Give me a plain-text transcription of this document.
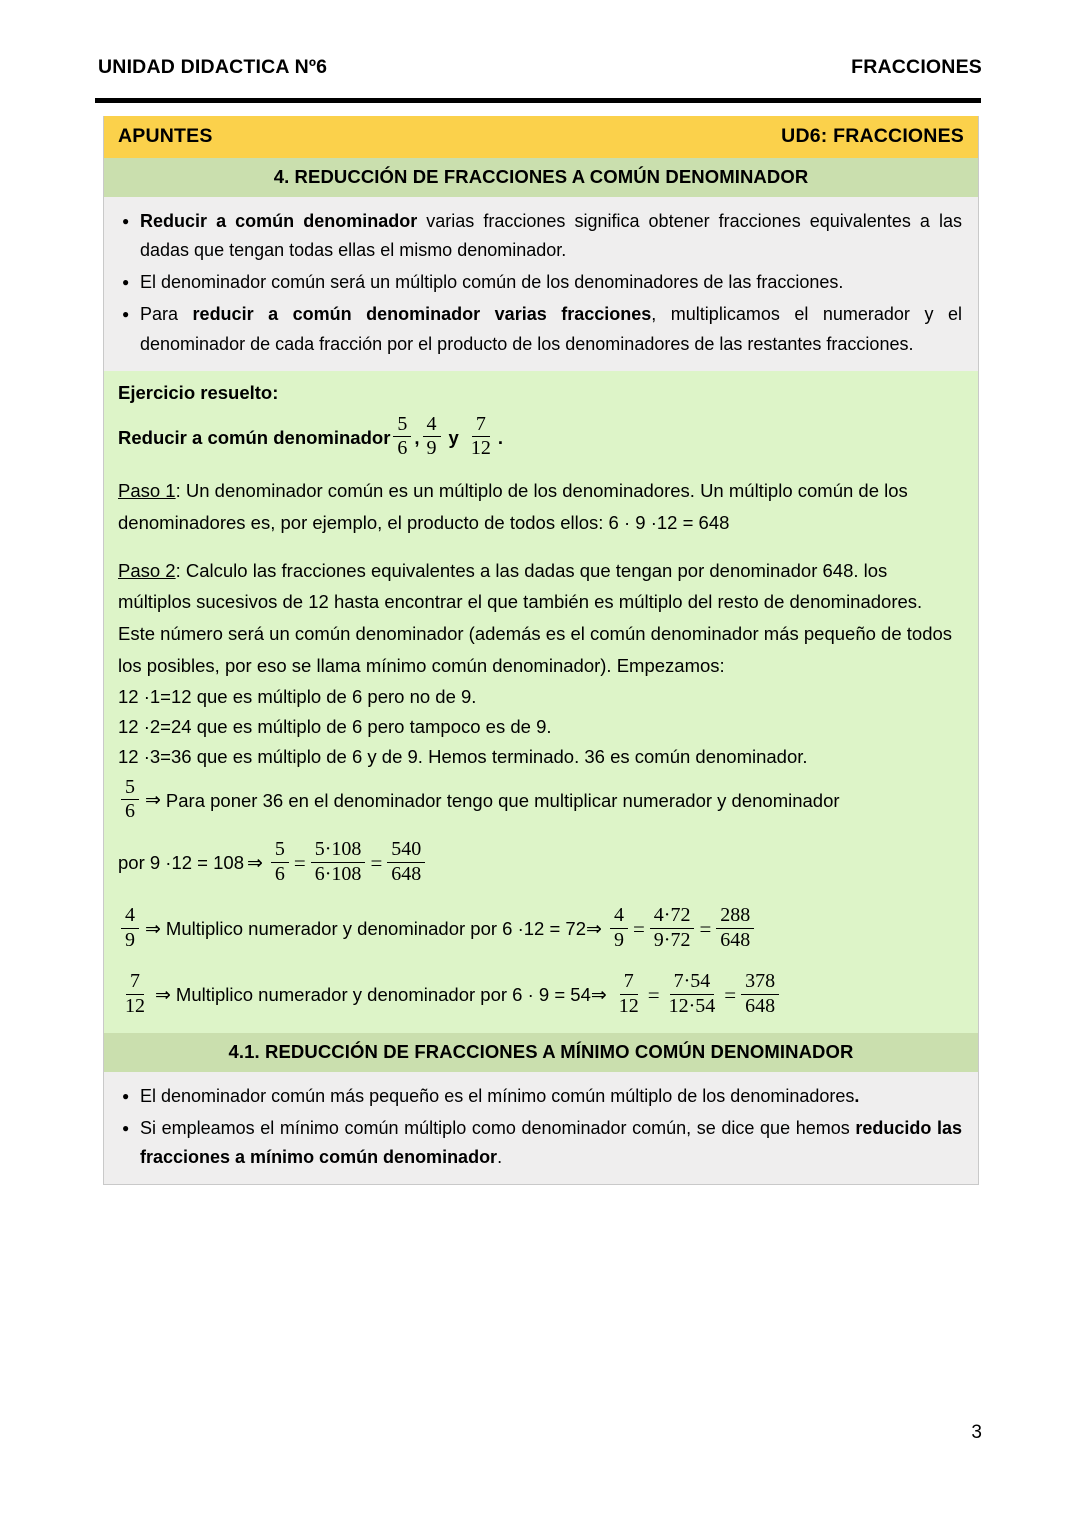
UNIDAD DIDACTICA Nº6	FRACCIONES
APUNTES	UD6: FRACCIONES
4. REDUCCIÓN DE FRACCIONES A COMÚN DENOMINADOR
● Reducir a común denominador varias fracciones significa obtener fracciones equivalentes a las dadas que tengan todas ellas el mismo denominador.
● El denominador común será un múltiplo común de los denominadores de las fracciones.
● Para reducir a común denominador varias fracciones, multiplicamos el numerador y el denominador de cada fracción por el producto de los denominadores de las restantes fracciones.
Ejercicio resuelto:
Reducir a común denominador $\frac{5}{6}$ , $\frac{4}{9}$ y $\frac{7}{12}$ .
Paso 1: Un denominador común es un múltiplo de los denominadores. Un múltiplo común de los denominadores es, por ejemplo, el producto de todos ellos: 6 · 9 ·12 = 648
Paso 2: Calculo las fracciones equivalentes a las dadas que tengan por denominador 648. los múltiplos sucesivos de 12 hasta encontrar el que también es múltiplo del resto de denominadores. Este número será un común denominador (además es el común denominador más pequeño de todos los posibles, por eso se llama mínimo común denominador). Empezamos:
12 ·1=12 que es múltiplo de 6 pero no de 9.
12 ·2=24 que es múltiplo de 6 pero tampoco es de 9.
12 ·3=36 que es múltiplo de 6 y de 9. Hemos terminado. 36 es común denominador.
$\frac{5}{6}$ ⇒ Para poner 36 en el denominador tengo que multiplicar numerador y denominador
por 9 ·12 = 108 ⇒ $\frac{5}{6} = \frac{5\cdot 108}{6\cdot 108} = \frac{540}{648}$
$\frac{4}{9}$ ⇒ Multiplico numerador y denominador por 6 ·12 = 72 ⇒ $\frac{4}{9} = \frac{4\cdot 72}{9\cdot 72} = \frac{288}{648}$
$\frac{7}{12}$ ⇒ Multiplico numerador y denominador por 6 · 9 = 54 ⇒ $\frac{7}{12} = \frac{7\cdot 54}{12\cdot 54} = \frac{378}{648}$
4.1. REDUCCIÓN DE FRACCIONES A MÍNIMO COMÚN DENOMINADOR
● El denominador común más pequeño es el mínimo común múltiplo de los denominadores.
● Si empleamos el mínimo común múltiplo como denominador común, se dice que hemos reducido las fracciones a mínimo común denominador.
3
